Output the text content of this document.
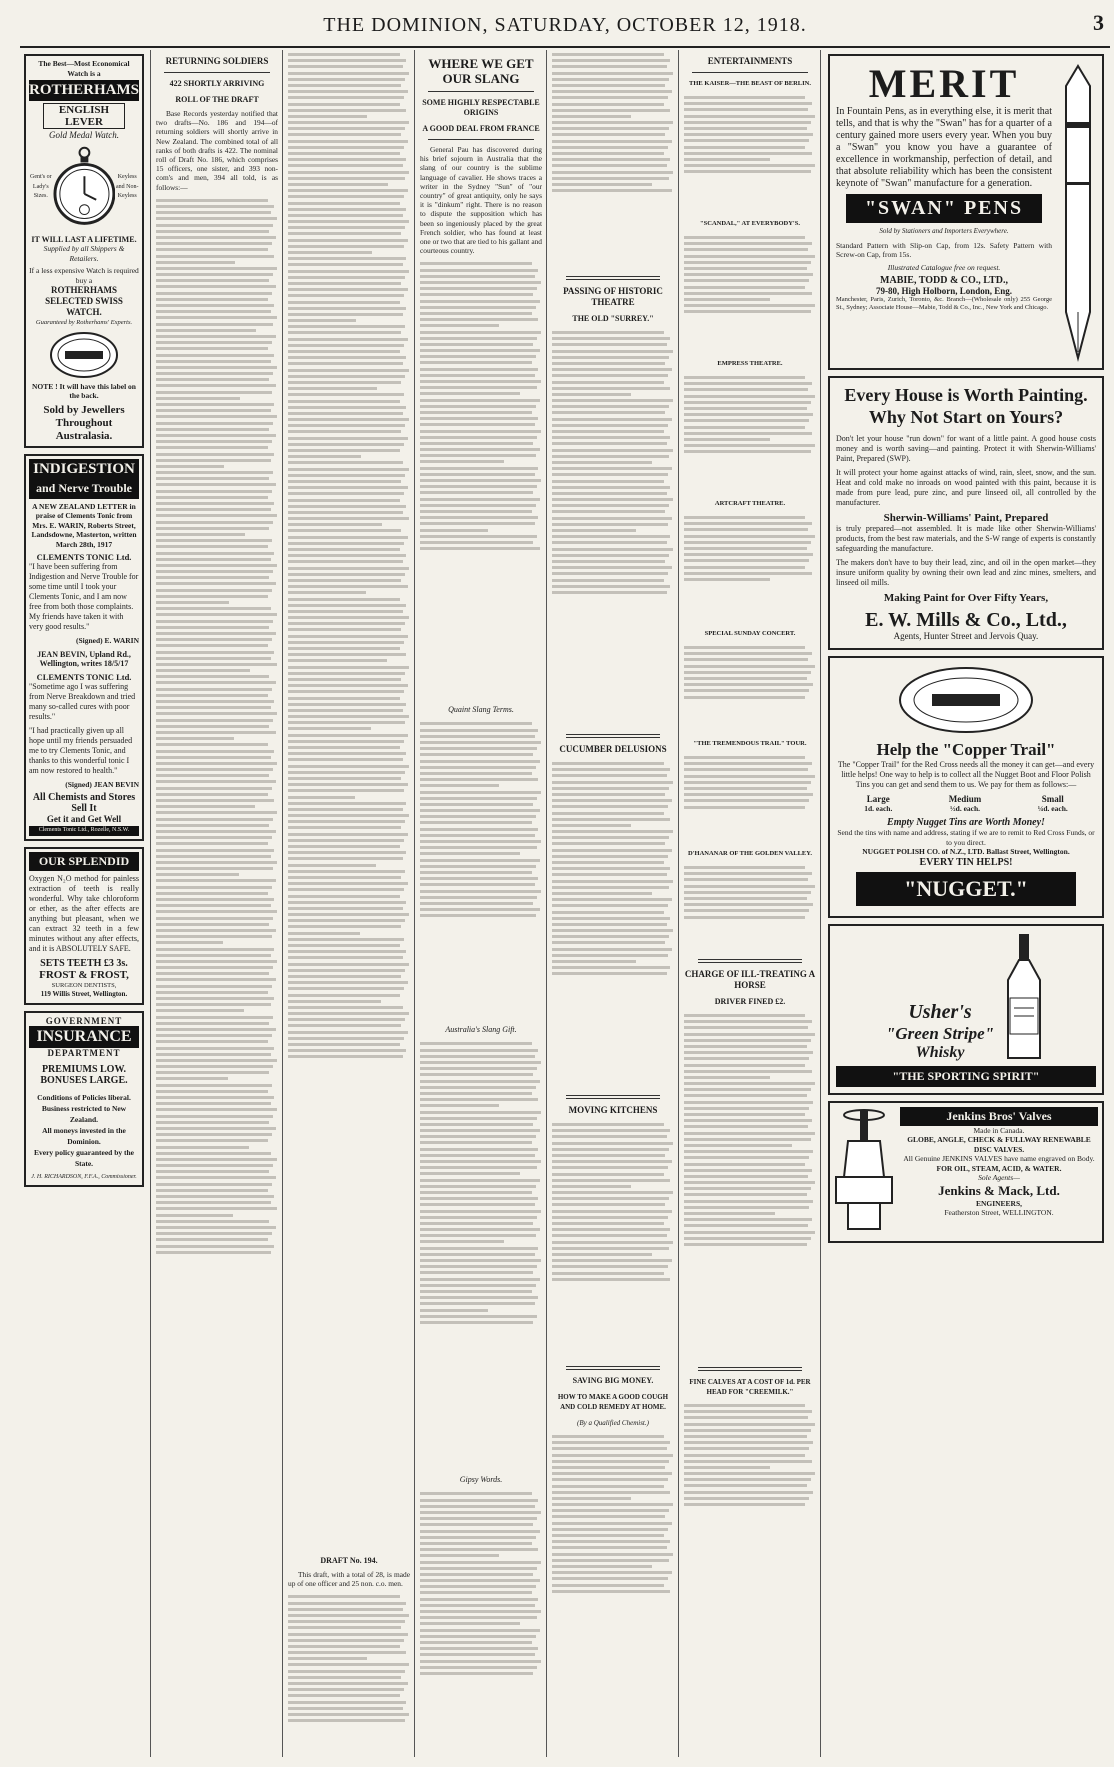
THE DOMINION, SATURDAY, OCTOBER 12, 1918.	3
The Best—Most Economical Watch is a
ROTHERHAMS
ENGLISH LEVER
Gold Medal Watch.
Gent's or Lady's Sizes.
Keyless and Non-Keyless
IT WILL LAST A LIFETIME.
Supplied by all Shippers & Retailers.
If a less expensive Watch is required buy a
ROTHERHAMS SELECTED SWISS WATCH.
Guaranteed by Rotherhams' Experts.
NOTE ! It will have this label on the back.
Sold by Jewellers Throughout Australasia.
INDIGESTION
and Nerve Trouble
A NEW ZEALAND LETTER in praise of Clements Tonic from Mrs. E. WARIN, Roberts Street, Landsdowne, Masterton, written March 28th, 1917
CLEMENTS TONIC Ltd.
"I have been suffering from Indigestion and Nerve Trouble for some time until I took your Clements Tonic, and I am now free from both those complaints. My friends have taken it with very good results."
(Signed) E. WARIN
JEAN BEVIN, Upland Rd., Wellington, writes 18/5/17
CLEMENTS TONIC Ltd.
"Sometime ago I was suffering from Nerve Breakdown and tried many so-called cures with poor results."
"I had practically given up all hope until my friends persuaded me to try Clements Tonic, and thanks to this wonderful tonic I am now restored to health."
(Signed) JEAN BEVIN
All Chemists and Stores Sell It
Get it and Get Well
Clements Tonic Ltd., Rozelle, N.S.W.
OUR SPLENDID
Oxygen N₂O method for painless extraction of teeth is really wonderful. Why take chloroform or ether, as the after effects are anything but pleasant, when we can extract 32 teeth in a few minutes without any after effects, and it is ABSOLUTELY SAFE.
SETS TEETH £3 3s.
FROST & FROST,
SURGEON DENTISTS,
119 Willis Street, Wellington.
GOVERNMENT
INSURANCE
DEPARTMENT
PREMIUMS LOW.
BONUSES LARGE.
Conditions of Policies liberal.
Business restricted to New Zealand.
All moneys invested in the Dominion.
Every policy guaranteed by the State.
J. H. RICHARDSON, F.F.A., Commissioner.
RETURNING SOLDIERS
422 SHORTLY ARRIVING
ROLL OF THE DRAFT
Base Records yesterday notified that two drafts—No. 186 and 194—of returning soldiers will shortly arrive in New Zealand. The combined total of all ranks of both drafts is 422. The nominal roll of Draft No. 186, which comprises 15 officers, one sister, and 393 non-com's and men, 394 all told, is as follows:—
DRAFT No. 194.
This draft, with a total of 28, is made up of one officer and 25 non. c.o. men.
WHERE WE GET OUR SLANG
SOME HIGHLY RESPECTABLE ORIGINS
A GOOD DEAL FROM FRANCE
General Pau has discovered during his brief sojourn in Australia that the slang of our country is the sublime language of cavalier. He shows traces a writer in the Sydney "Sun" of "our country" of great antiquity, only he says it is "dinkum" right. There is no reason to dispute the supposition which has been so ingeniously placed by the great French soldier, who has found at least one or two that are tied to his gallant and courteous country.
Quaint Slang Terms.
Australia's Slang Gift.
Gipsy Words.
PASSING OF HISTORIC THEATRE
THE OLD "SURREY."
CUCUMBER DELUSIONS
MOVING KITCHENS
SAVING BIG MONEY.
HOW TO MAKE A GOOD COUGH AND COLD REMEDY AT HOME.
(By a Qualified Chemist.)
ENTERTAINMENTS
THE KAISER—THE BEAST OF BERLIN.
"SCANDAL," AT EVERYBODY'S.
EMPRESS THEATRE.
ARTCRAFT THEATRE.
SPECIAL SUNDAY CONCERT.
"THE TREMENDOUS TRAIL" TOUR.
D'HANANAR OF THE GOLDEN VALLEY.
CHARGE OF ILL-TREATING A HORSE
DRIVER FINED £2.
FINE CALVES AT A COST OF 1d. PER HEAD FOR "CREEMILK."
MERIT
In Fountain Pens, as in everything else, it is merit that tells, and that is why the "Swan" has for a quarter of a century gained more users every year. When you buy a "Swan" you know you have a guarantee of excellence in workmanship, perfection of detail, and that absolute reliability which has been the consistent keynote of "Swan" manufacture for a generation.
"SWAN" PENS
Sold by Stationers and Importers Everywhere.
Standard Pattern with Slip-on Cap, from 12s. Safety Pattern with Screw-on Cap, from 15s.
Illustrated Catalogue free on request.
MABIE, TODD & CO., LTD.,
79-80, High Holborn, London, Eng.
Manchester, Paris, Zurich, Toronto, &c. Branch—(Wholesale only) 255 George St., Sydney; Associate House—Mabie, Todd & Co., Inc., New York and Chicago.
Every House is Worth Painting. Why Not Start on Yours?
Don't let your house "run down" for want of a little paint. A good house costs money and is worth saving—and painting. Protect it with Sherwin-Williams' Paint, Prepared (SWP).
It will protect your home against attacks of wind, rain, sleet, snow, and the sun. Heat and cold make no inroads on wood painted with this paint, because it is made from pure lead, pure zinc, and pure linseed oil, all controlled by the manufacturer.
Sherwin-Williams' Paint, Prepared
is truly prepared—not assembled. It is made like other Sherwin-Williams' products, from the best raw materials, and the S-W range of experts is constantly safeguarding the manufacture.
The makers don't have to buy their lead, zinc, and oil in the open market—they insure uniform quality by owning their own lead and zinc mines, smelters, and linseed oil mills.
Making Paint for Over Fifty Years,
E. W. Mills & Co., Ltd.,
Agents, Hunter Street and Jervois Quay.
Help the "Copper Trail"
The "Copper Trail" for the Red Cross needs all the money it can get—and every little helps! One way to help is to collect all the Nugget Boot and Floor Polish Tins you can get and send them to us. We pay for them as follows:—
Large
1d. each.
Medium
½d. each.
Small
¼d. each.
Empty Nugget Tins are Worth Money!
Send the tins with name and address, stating if we are to remit to Red Cross Funds, or to you direct.
NUGGET POLISH CO. of N.Z., LTD. Ballast Street, Wellington.
EVERY TIN HELPS!
"NUGGET."
Usher's
"Green Stripe"
Whisky
"THE SPORTING SPIRIT"
Jenkins Bros' Valves
Made in Canada.
GLOBE, ANGLE, CHECK & FULLWAY RENEWABLE DISC VALVES.
All Genuine JENKINS VALVES have name engraved on Body.
FOR OIL, STEAM, ACID, & WATER.
Sole Agents—
Jenkins & Mack, Ltd.
ENGINEERS,
Featherston Street, WELLINGTON.
